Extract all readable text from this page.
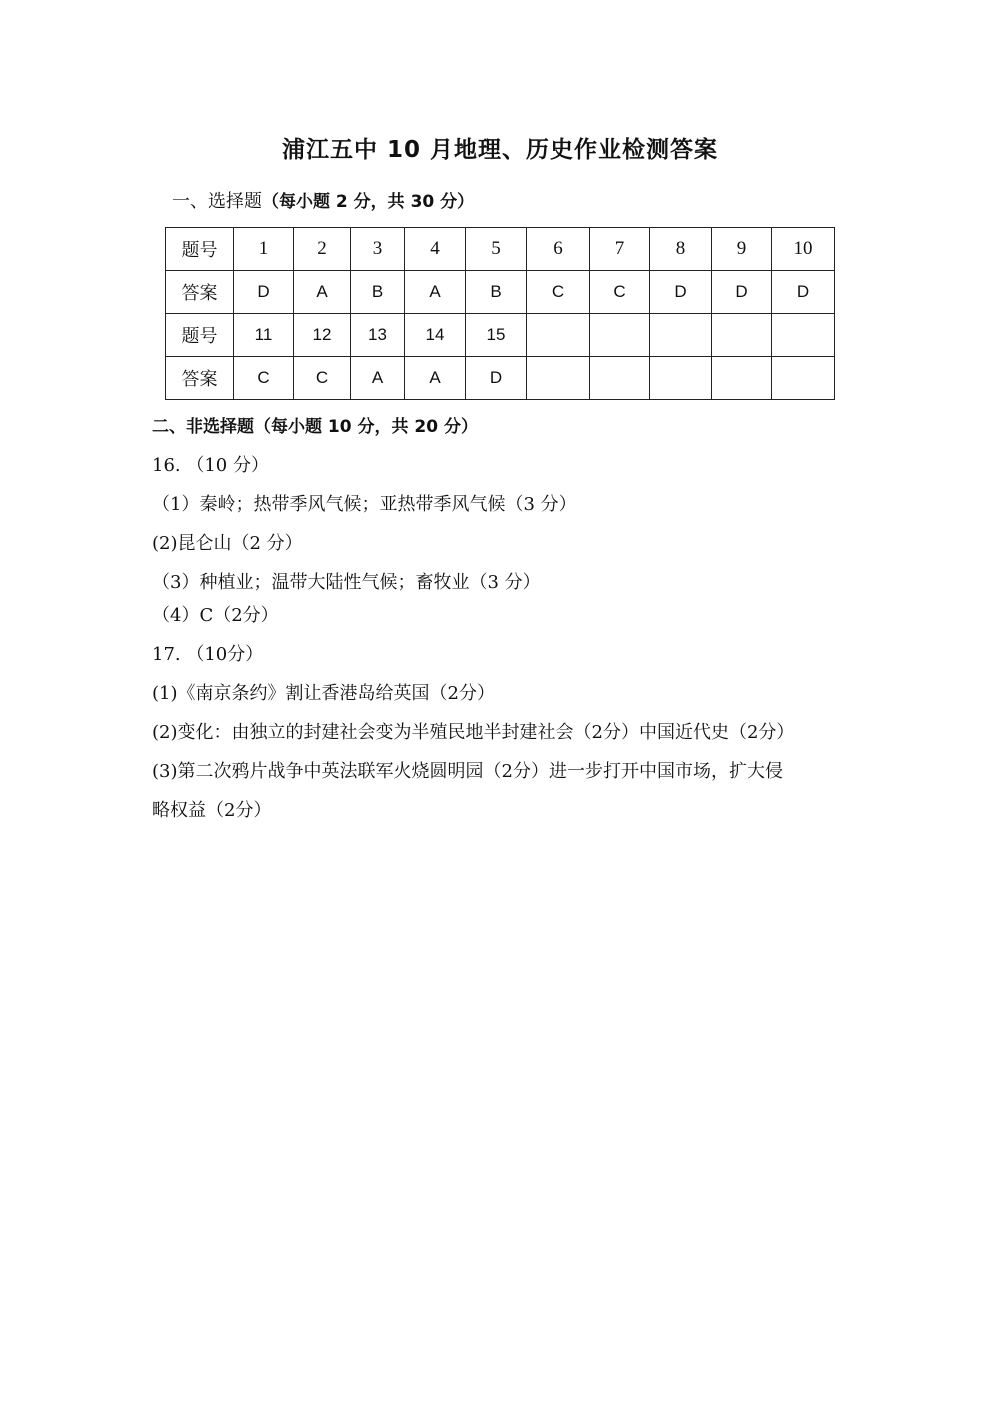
浦江五中 10 月地理、历史作业检测答案
一、选择题（每小题 2 分，共 30 分）
题号	1	2	3	4	5	6	7	8	9	10
答案	D	A	B	A	B	C	C	D	D	D
题号	11	12	13	14	15					
答案	C	C	A	A	D					
二、非选择题（每小题 10 分，共 20 分）
16. （10 分）
（1）秦岭；热带季风气候；亚热带季风气候（3 分）
(2)昆仑山（2 分）
（3）种植业；温带大陆性气候；畜牧业（3 分）
（4）C（2分）
17. （10分）
(1)《南京条约》割让香港岛给英国（2分）
(2)变化：由独立的封建社会变为半殖民地半封建社会（2分）中国近代史（2分）
(3)第二次鸦片战争中英法联军火烧圆明园（2分）进一步打开中国市场，扩大侵
略权益（2分）
